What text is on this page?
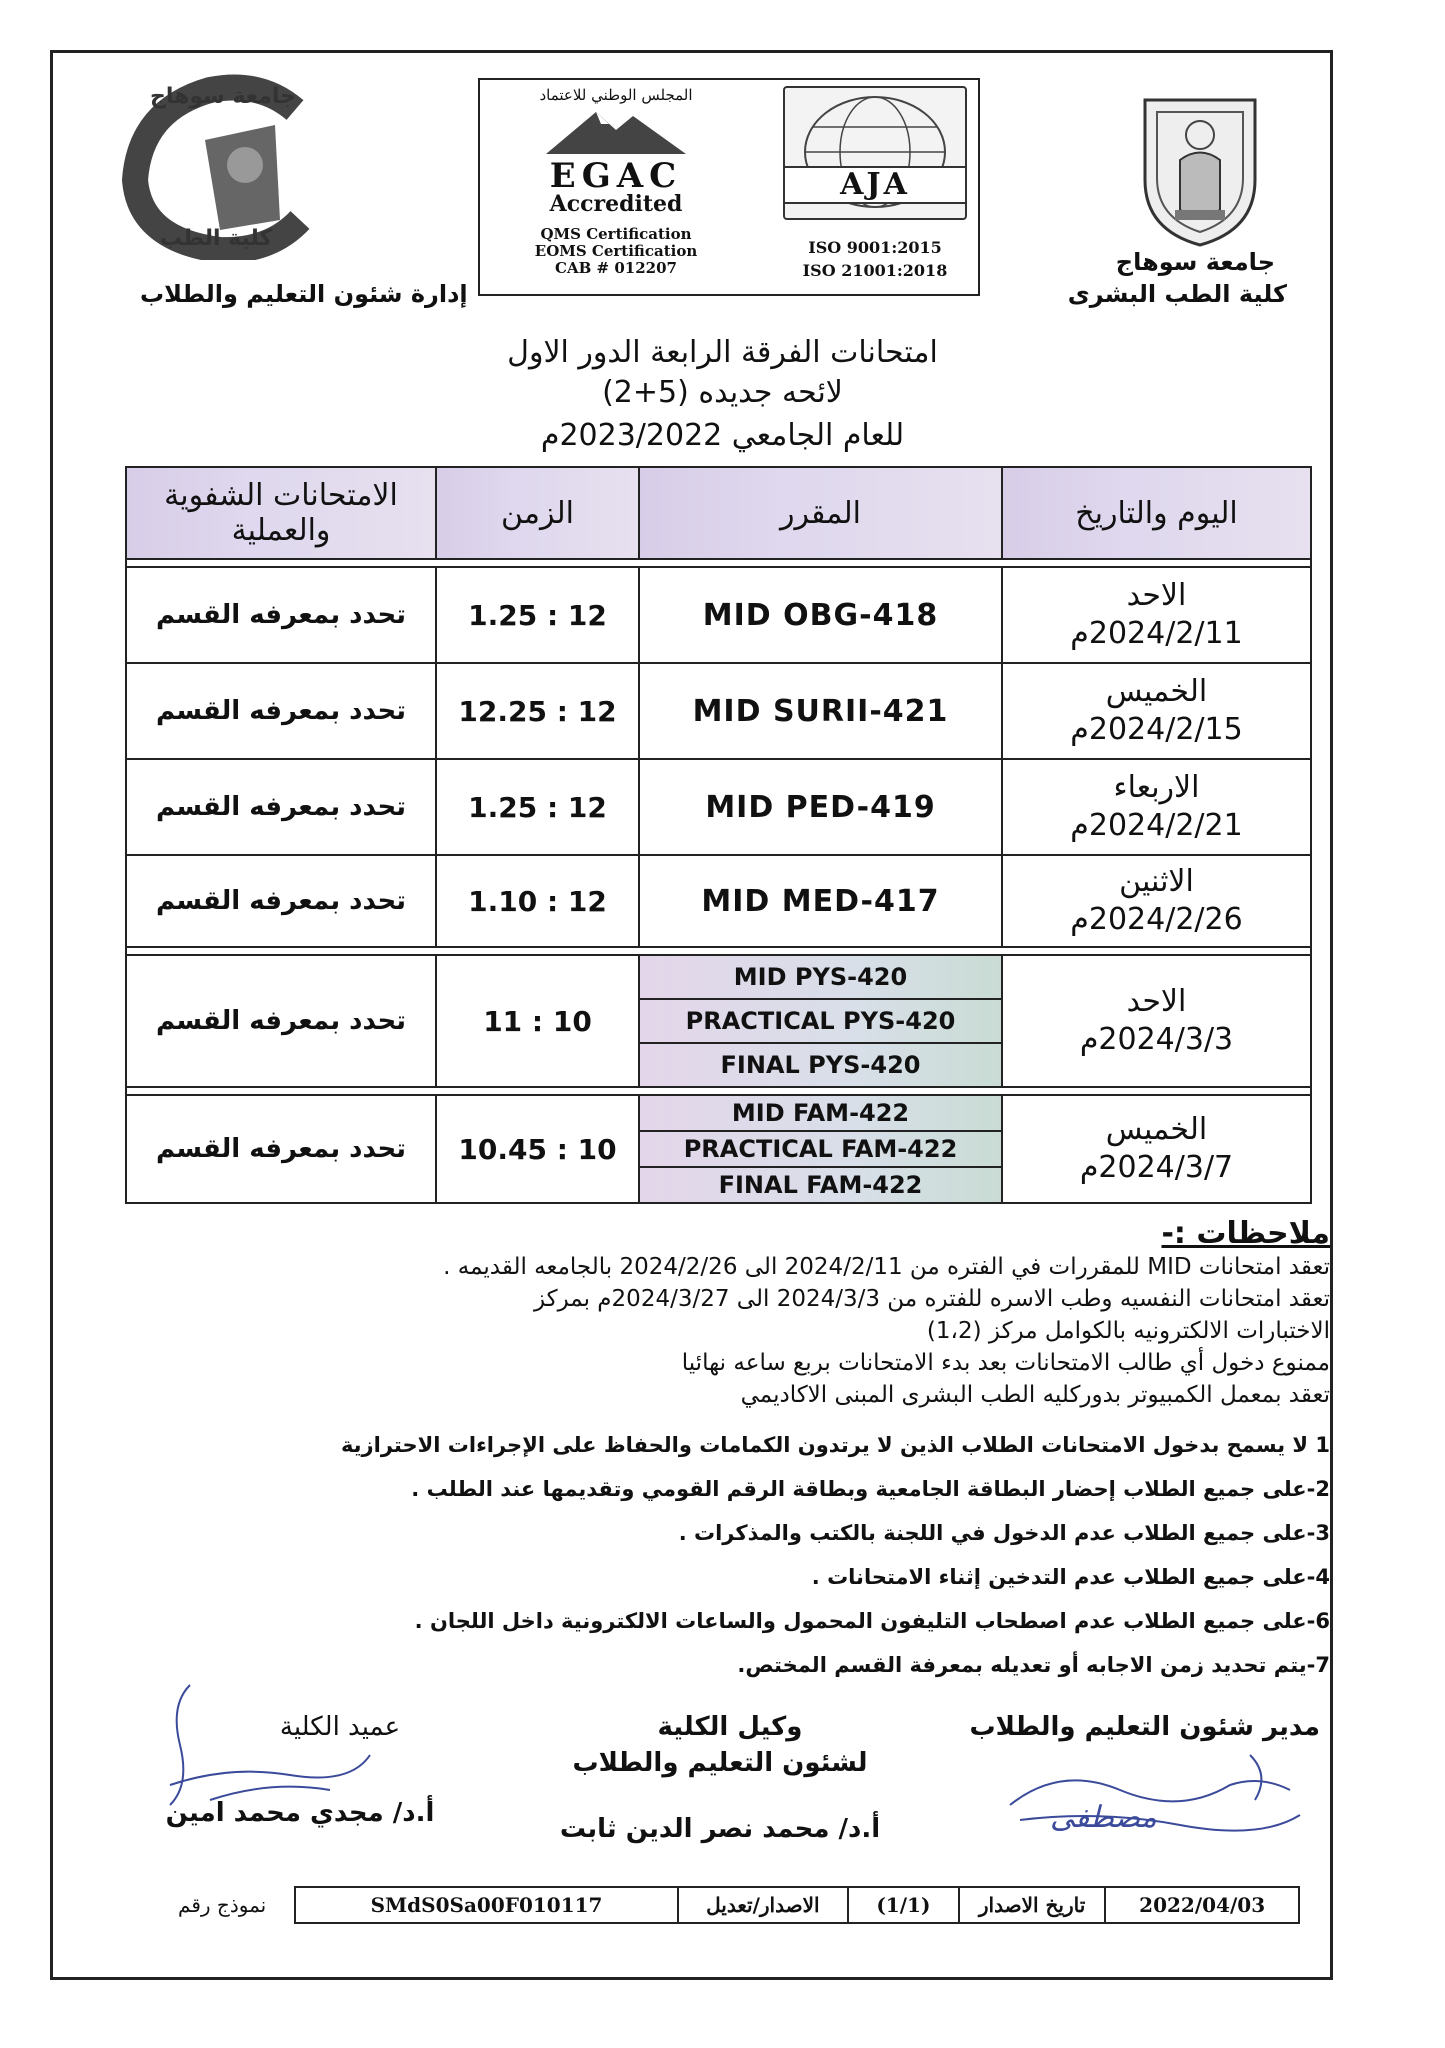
جامعة سوهاج
كلية الطب البشرى
المجلس الوطني للاعتماد
EGAC
Accredited
QMS Certification
EOMS Certification
CAB # 012207
AJA
ISO 9001:2015
ISO 21001:2018
جامعة سوهاج
كلية الطب
إدارة شئون التعليم والطلاب
امتحانات الفرقة الرابعة الدور الاول
لائحه جديده (5+2)
للعام الجامعي 2023/2022م
الامتحانات الشفوية والعملية	الزمن	المقرر	اليوم والتاريخ

تحدد بمعرفه القسم	1.25 : 12	MID OBG-418	الاحد
2024/2/11م

تحدد بمعرفه القسم	12.25 : 12	MID SURII-421	الخميس
2024/2/15م

تحدد بمعرفه القسم	1.25 : 12	MID PED-419	الاربعاء
2024/2/21م

تحدد بمعرفه القسم	1.10 : 12	MID MED-417	الاثنين
2024/2/26م

تحدد بمعرفه القسم	11 : 10	MID PYS-420	الاحد
2024/3/3م

		PRACTICAL PYS-420	
		FINAL PYS-420	

تحدد بمعرفه القسم	10.45 : 10	MID FAM-422	الخميس
2024/3/7م

		PRACTICAL FAM-422	
		FINAL FAM-422	
ملاحظات :-

تعقد امتحانات MID للمقررات في الفتره من 2024/2/11 الى 2024/2/26 بالجامعه القديمه .

تعقد امتحانات النفسيه وطب الاسره للفتره من 2024/3/3 الى 2024/3/27م بمركز

الاختبارات الالكترونيه بالكوامل مركز (1،2)

ممنوع دخول أي طالب الامتحانات بعد بدء الامتحانات بربع ساعه نهائيا

تعقد بمعمل الكمبيوتر بدوركليه الطب البشرى المبنى الاكاديمي

1 لا يسمح بدخول الامتحانات الطلاب الذين لا يرتدون الكمامات والحفاظ على الإجراءات الاحترازية

2-على جميع الطلاب إحضار البطاقة الجامعية وبطاقة الرقم القومي وتقديمها عند الطلب .

3-على جميع الطلاب عدم الدخول في اللجنة بالكتب والمذكرات .

4-على جميع الطلاب عدم التدخين إثناء الامتحانات .

6-على جميع الطلاب عدم اصطحاب التليفون المحمول والساعات الالكترونية داخل اللجان .

7-يتم تحديد زمن الاجابه أو تعديله بمعرفة القسم المختص.

مدير شئون التعليم والطلاب
مصطفى
وكيل الكلية
لشئون التعليم والطلاب
أ.د/ محمد نصر الدين ثابت
عميد الكلية
أ.د/ مجدي محمد امين
نموذج رقم	SMdS0Sa00F010117	الاصدار/تعديل	(1/1)	تاريخ الاصدار	2022/04/03
